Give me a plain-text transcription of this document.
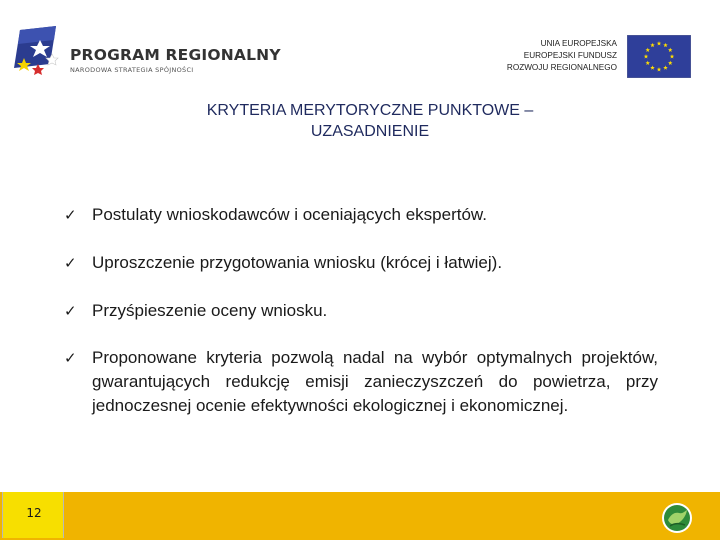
PROGRAM REGIONALNY
NARODOWA STRATEGIA SPÓJNOŚCI
UNIA EUROPEJSKA
EUROPEJSKI FUNDUSZ
ROZWOJU REGIONALNEGO
KRYTERIA MERYTORYCZNE PUNKTOWE –
UZASADNIENIE
✓ Postulaty wnioskodawców i oceniających ekspertów.
✓ Uproszczenie przygotowania wniosku (krócej i łatwiej).
✓ Przyśpieszenie oceny wniosku.
✓ Proponowane kryteria pozwolą nadal na wybór optymalnych projektów, gwarantujących redukcję emisji zanieczyszczeń do powietrza, przy jednoczesnej ocenie efektywności ekologicznej i ekonomicznej.
12
